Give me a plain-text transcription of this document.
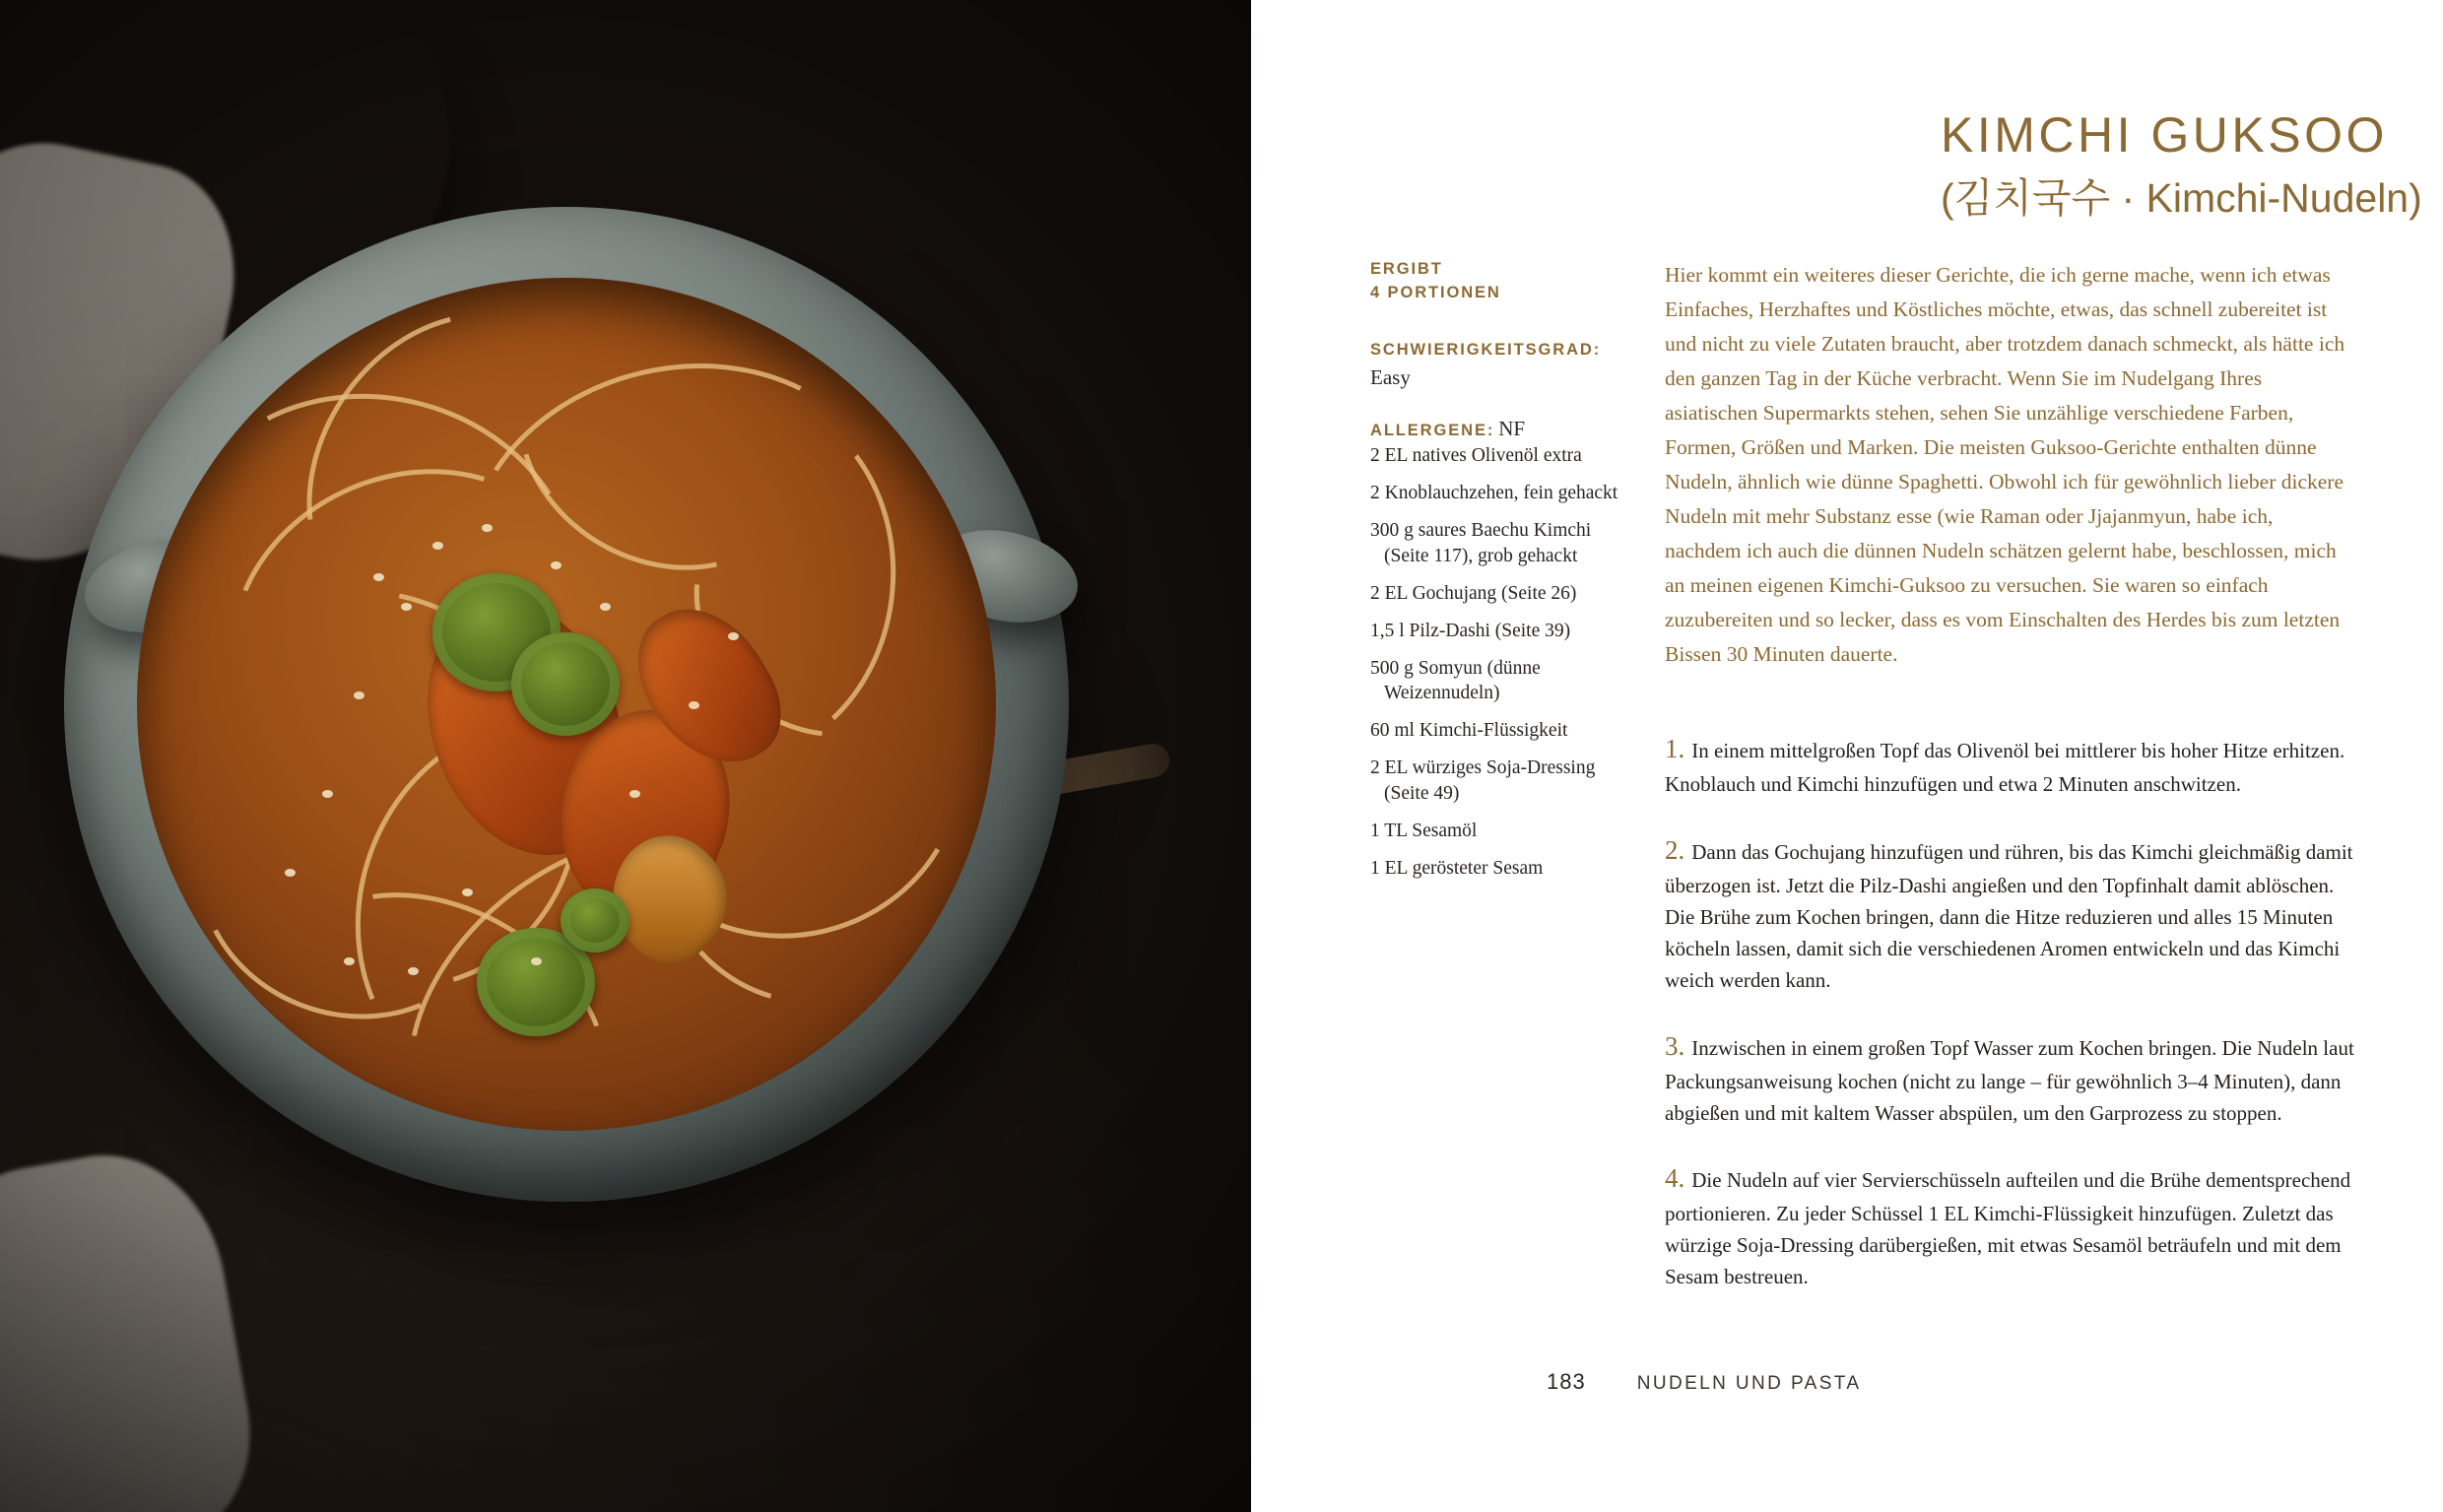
KIMCHI GUKSOO
(김치국수 · Kimchi-Nudeln)
ERGIBT
4 PORTIONEN
SCHWIERIGKEITSGRAD:
Easy
ALLERGENE: NF
2 EL natives Olivenöl extra
2 Knoblauchzehen, fein gehackt
300 g saures Baechu Kimchi (Seite 117), grob gehackt
2 EL Gochujang (Seite 26)
1,5 l Pilz-Dashi (Seite 39)
500 g Somyun (dünne Weizennudeln)
60 ml Kimchi-Flüssigkeit
2 EL würziges Soja-Dressing (Seite 49)
1 TL Sesamöl
1 EL gerösteter Sesam
Hier kommt ein weiteres dieser Gerichte, die ich gerne mache, wenn ich etwas Einfaches, Herzhaftes und Köstliches möchte, etwas, das schnell zubereitet ist und nicht zu viele Zutaten braucht, aber trotzdem danach schmeckt, als hätte ich den ganzen Tag in der Küche verbracht. Wenn Sie im Nudelgang Ihres asiatischen Supermarkts stehen, sehen Sie unzählige verschiedene Farben, Formen, Größen und Marken. Die meisten Guksoo-Gerichte enthalten dünne Nudeln, ähnlich wie dünne Spaghetti. Obwohl ich für gewöhnlich lieber dickere Nudeln mit mehr Substanz esse (wie Raman oder Jjajanmyun, habe ich, nachdem ich auch die dünnen Nudeln schätzen gelernt habe, beschlossen, mich an meinen eigenen Kimchi-Guksoo zu versuchen. Sie waren so einfach zuzubereiten und so lecker, dass es vom Einschalten des Herdes bis zum letzten Bissen 30 Minuten dauerte.
1. In einem mittelgroßen Topf das Olivenöl bei mittlerer bis hoher Hitze erhitzen. Knoblauch und Kimchi hinzufügen und etwa 2 Minuten anschwitzen.
2. Dann das Gochujang hinzufügen und rühren, bis das Kimchi gleichmäßig damit überzogen ist. Jetzt die Pilz-Dashi angießen und den Topfinhalt damit ablöschen. Die Brühe zum Kochen bringen, dann die Hitze reduzieren und alles 15 Minuten köcheln lassen, damit sich die verschiedenen Aromen entwickeln und das Kimchi weich werden kann.
3. Inzwischen in einem großen Topf Wasser zum Kochen bringen. Die Nudeln laut Packungsanweisung kochen (nicht zu lange – für gewöhnlich 3–4 Minuten), dann abgießen und mit kaltem Wasser abspülen, um den Garprozess zu stoppen.
4. Die Nudeln auf vier Servierschüsseln aufteilen und die Brühe dementsprechend portionieren. Zu jeder Schüssel 1 EL Kimchi-Flüssigkeit hinzufügen. Zuletzt das würzige Soja-Dressing darübergießen, mit etwas Sesamöl beträufeln und mit dem Sesam bestreuen.
183	NUDELN UND PASTA
